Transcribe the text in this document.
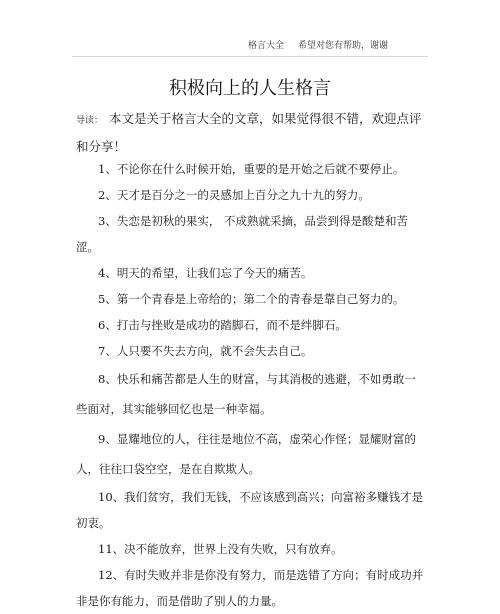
格言大全 希望对您有帮助，谢谢
积极向上的人生格言
导读： 本文是关于格言大全的文章，如果觉得很不错，欢迎点评和分享！
1、不论你在什么时候开始，重要的是开始之后就不要停止。
2、天才是百分之一的灵感加上百分之九十九的努力。
3、失恋是初秋的果实， 不成熟就采摘，品尝到得是酸楚和苦涩。
4、明天的希望，让我们忘了今天的痛苦。
5、第一个青春是上帝给的；第二个的青春是靠自己努力的。
6、打击与挫败是成功的踏脚石，而不是绊脚石。
7、人只要不失去方向，就不会失去自己。
8、快乐和痛苦都是人生的财富，与其消极的逃避，不如勇敢一些面对，其实能够回忆也是一种幸福。
9、显耀地位的人，往往是地位不高，虚荣心作怪；显耀财富的人，往往口袋空空，是在自欺欺人。
10、我们贫穷，我们无钱，不应该感到高兴；向富裕多赚钱才是初衷。
11、决不能放弃，世界上没有失败，只有放弃。
12、有时失败并非是你没有努力，而是选错了方向；有时成功并非是你有能力，而是借助了别人的力量。
